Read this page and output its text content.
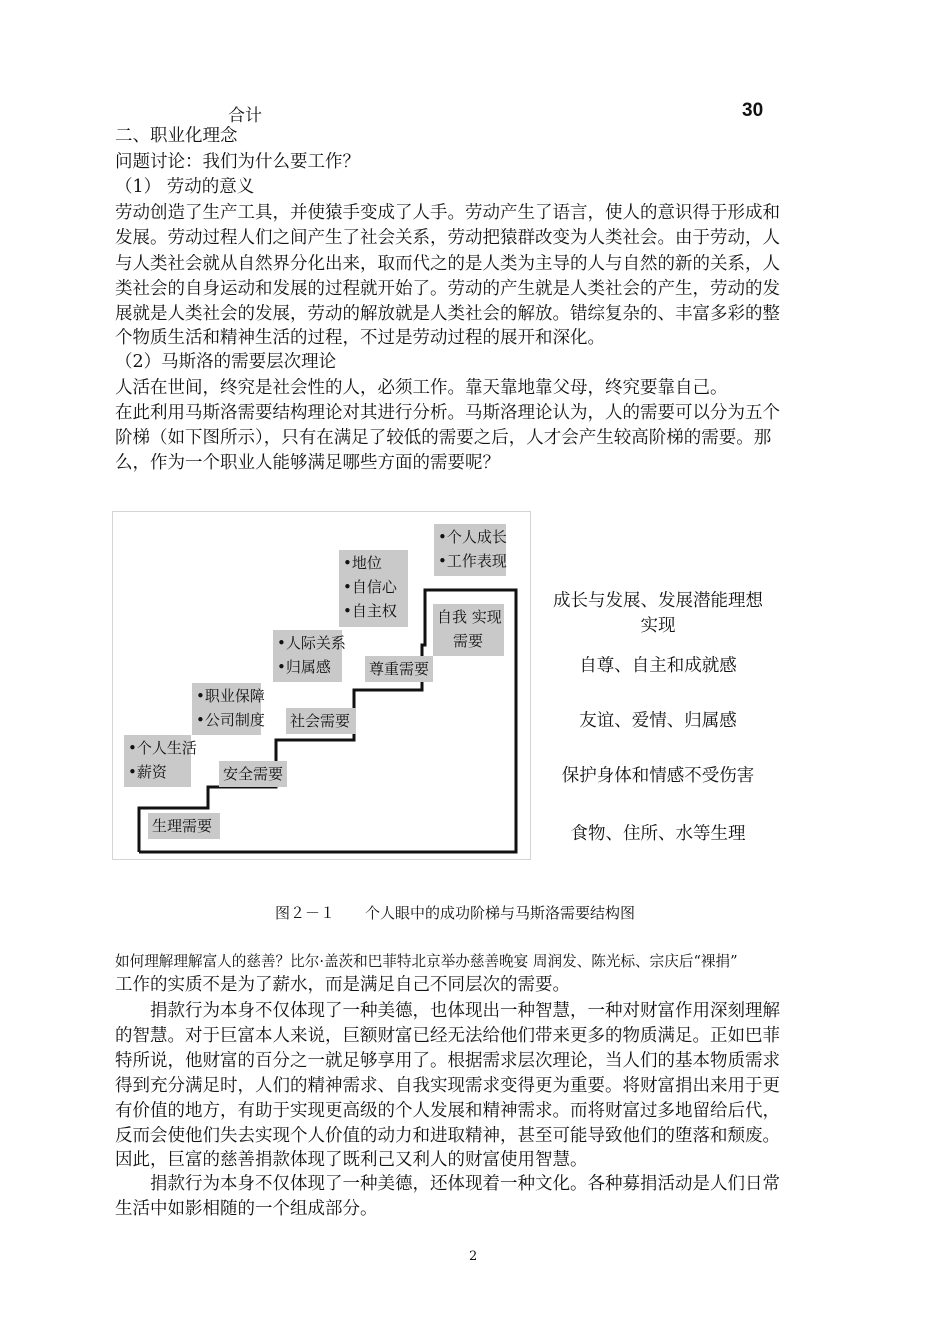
合计	30
二、职业化理念
问题讨论：我们为什么要工作？
（1） 劳动的意义
劳动创造了生产工具，并使猿手变成了人手。劳动产生了语言，使人的意识得于形成和
发展。劳动过程人们之间产生了社会关系，劳动把猿群改变为人类社会。由于劳动，人
与人类社会就从自然界分化出来，取而代之的是人类为主导的人与自然的新的关系，人
类社会的自身运动和发展的过程就开始了。劳动的产生就是人类社会的产生，劳动的发
展就是人类社会的发展，劳动的解放就是人类社会的解放。错综复杂的、丰富多彩的整
个物质生活和精神生活的过程，不过是劳动过程的展开和深化。
（2）马斯洛的需要层次理论
人活在世间，终究是社会性的人，必须工作。靠天靠地靠父母，终究要靠自己。
在此利用马斯洛需要结构理论对其进行分析。马斯洛理论认为，人的需要可以分为五个
阶梯（如下图所示），只有在满足了较低的需要之后，人才会产生较高阶梯的需要。那
么，作为一个职业人能够满足哪些方面的需要呢？
生理需要
安全需要
社会需要
尊重需要
自我 实现
需要
•个人生活
•薪资
•职业保障
•公司制度
•人际关系
•归属感
•地位
•自信心
•自主权
•个人成长
•工作表现
成长与发展、发展潜能理想
实现
自尊、自主和成就感
友谊、爱情、归属感
保护身体和情感不受伤害
食物、住所、水等生理
图２－１　　个人眼中的成功阶梯与马斯洛需要结构图
如何理解理解富人的慈善？比尔·盖茨和巴菲特北京举办慈善晚宴 周润发、陈光标、宗庆后“裸捐”
工作的实质不是为了薪水，而是满足自己不同层次的需要。
　　捐款行为本身不仅体现了一种美德，也体现出一种智慧，一种对财富作用深刻理解
的智慧。对于巨富本人来说，巨额财富已经无法给他们带来更多的物质满足。正如巴菲
特所说，他财富的百分之一就足够享用了。根据需求层次理论，当人们的基本物质需求
得到充分满足时，人们的精神需求、自我实现需求变得更为重要。将财富捐出来用于更
有价值的地方，有助于实现更高级的个人发展和精神需求。而将财富过多地留给后代，
反而会使他们失去实现个人价值的动力和进取精神，甚至可能导致他们的堕落和颓废。
因此，巨富的慈善捐款体现了既利己又利人的财富使用智慧。
　　捐款行为本身不仅体现了一种美德，还体现着一种文化。各种募捐活动是人们日常
生活中如影相随的一个组成部分。
2
